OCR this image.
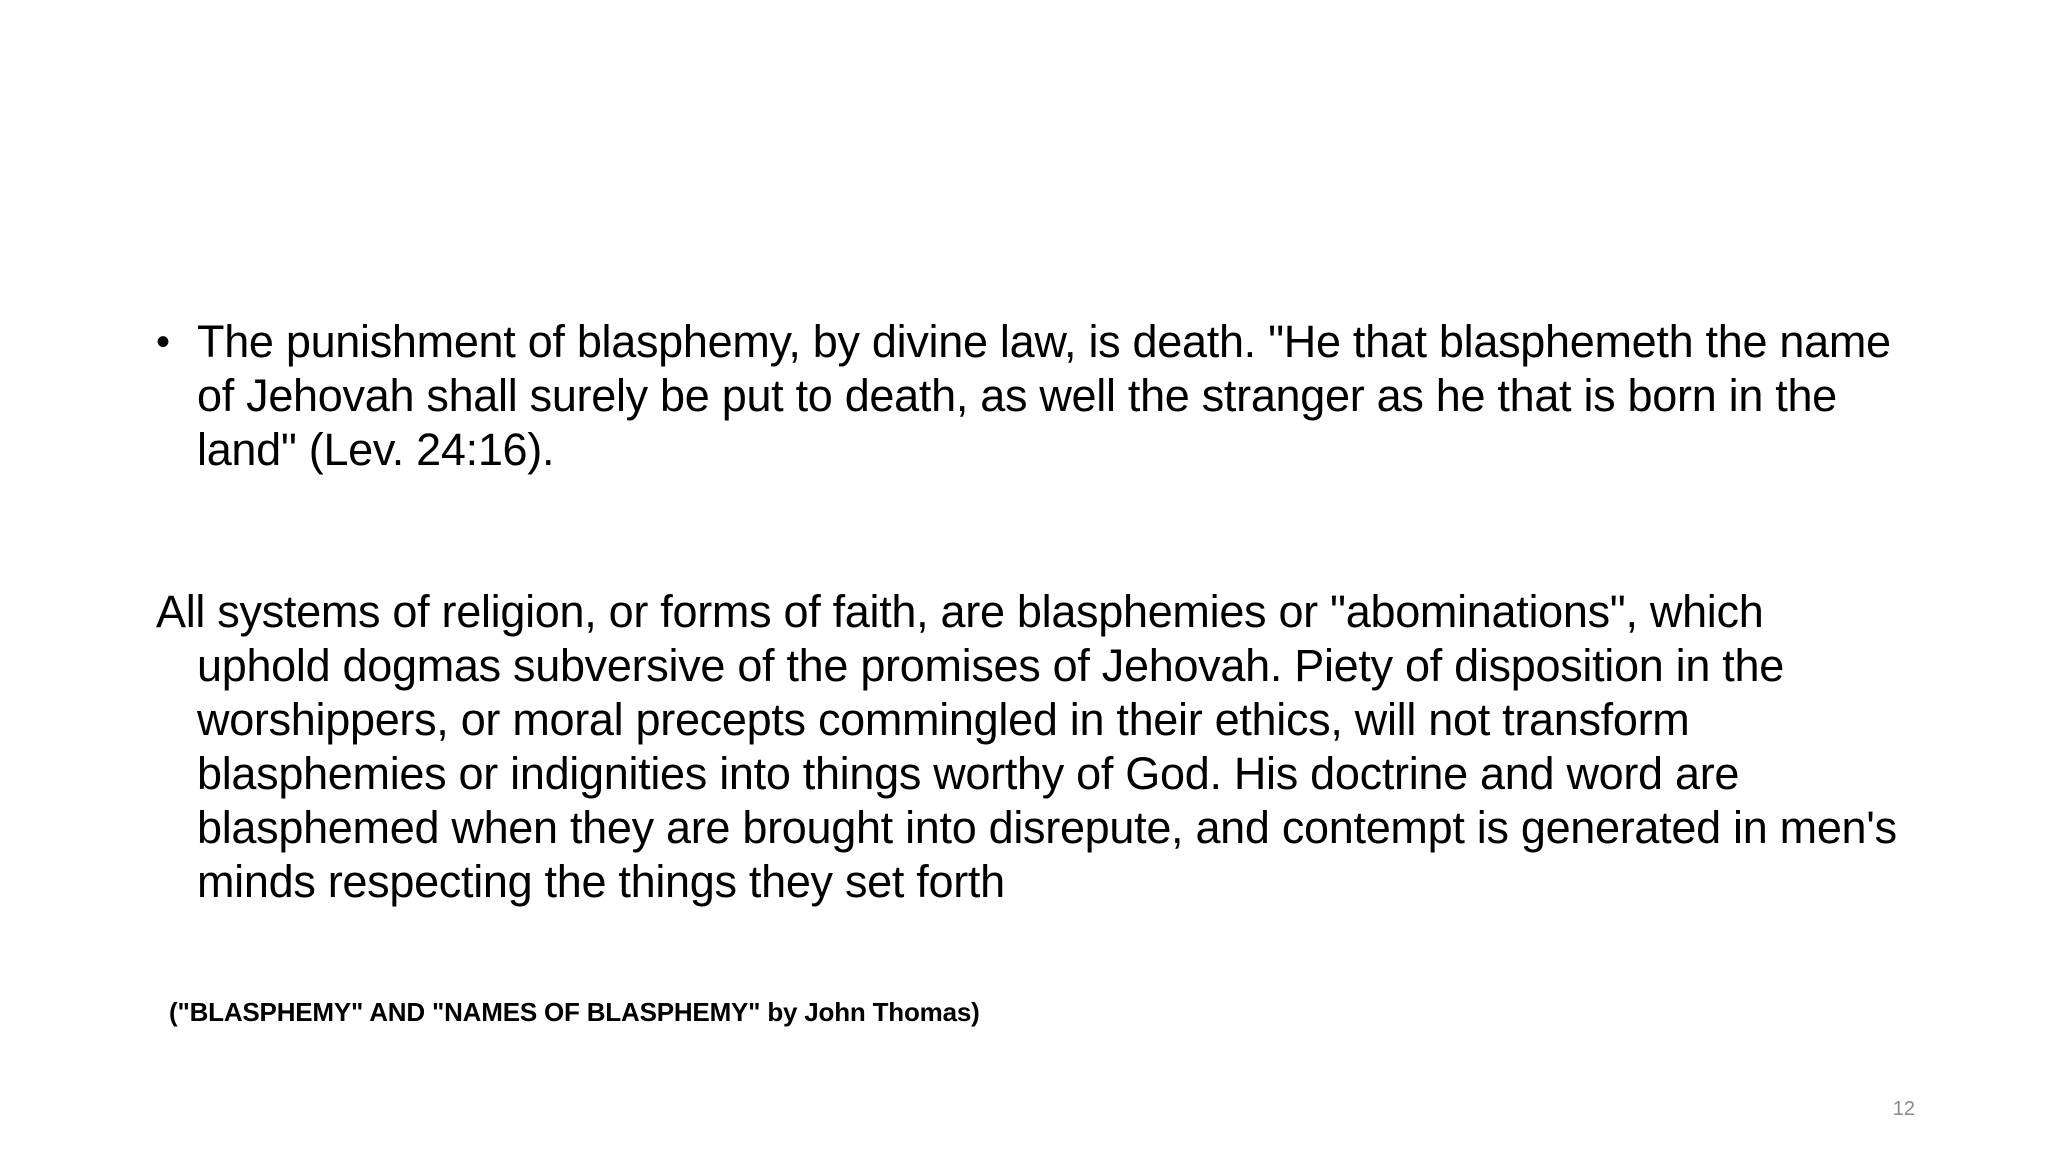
• The punishment of blasphemy, by divine law, is death. "He that blasphemeth the name of Jehovah shall surely be put to death, as well the stranger as he that is born in the land" (Lev. 24:16).
All systems of religion, or forms of faith, are blasphemies or "abominations", which uphold dogmas subversive of the promises of Jehovah. Piety of disposition in the worshippers, or moral precepts commingled in their ethics, will not transform blasphemies or indignities into things worthy of God. His doctrine and word are blasphemed when they are brought into disrepute, and contempt is generated in men's minds respecting the things they set forth
("BLASPHEMY" AND "NAMES OF BLASPHEMY" by John Thomas)
12
